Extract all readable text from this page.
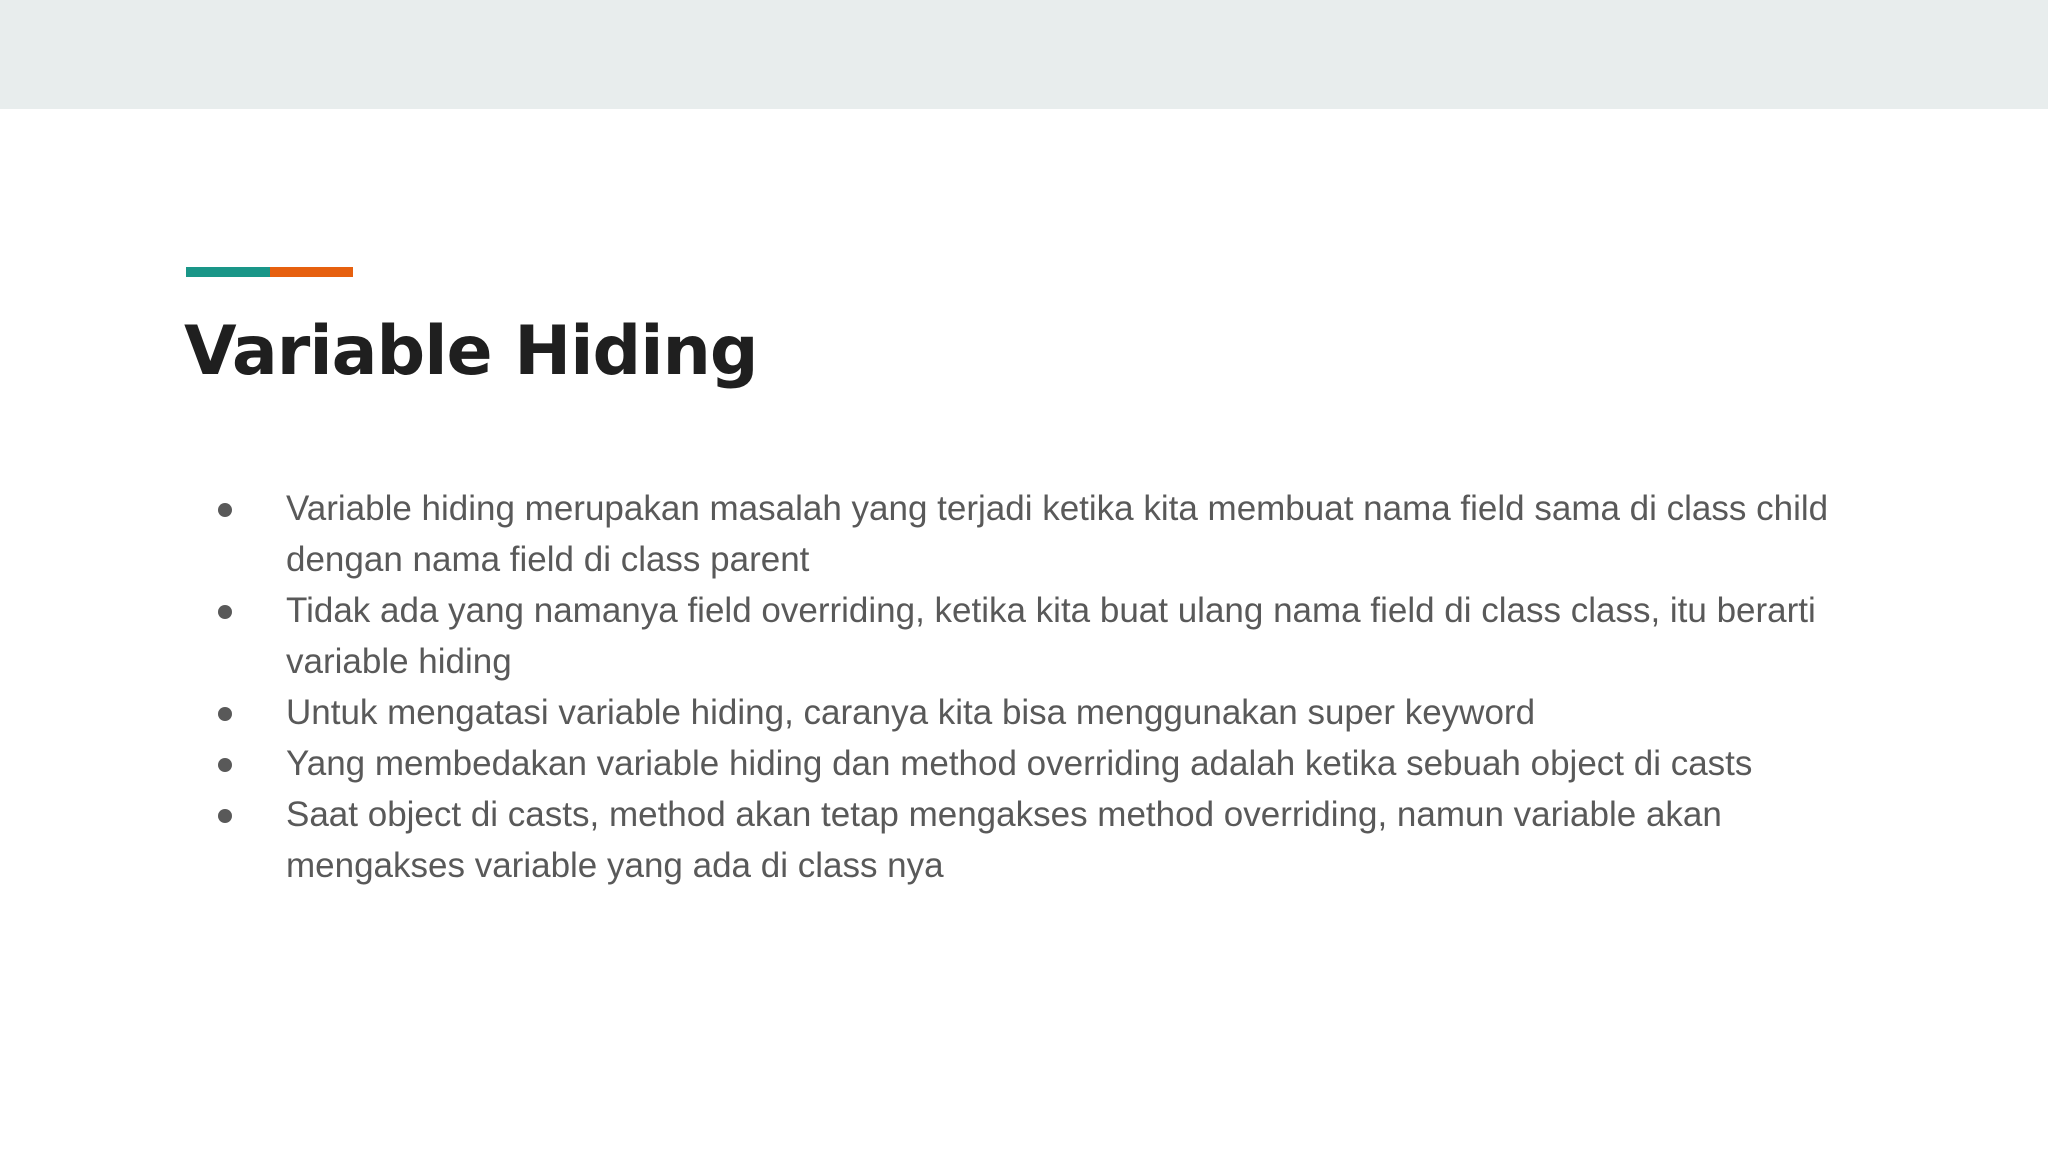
Variable Hiding
Variable hiding merupakan masalah yang terjadi ketika kita membuat nama field sama di class child dengan nama field di class parent
Tidak ada yang namanya field overriding, ketika kita buat ulang nama field di class class, itu berarti variable hiding
Untuk mengatasi variable hiding, caranya kita bisa menggunakan super keyword
Yang membedakan variable hiding dan method overriding adalah ketika sebuah object di casts
Saat object di casts, method akan tetap mengakses method overriding, namun variable akan mengakses variable yang ada di class nya
